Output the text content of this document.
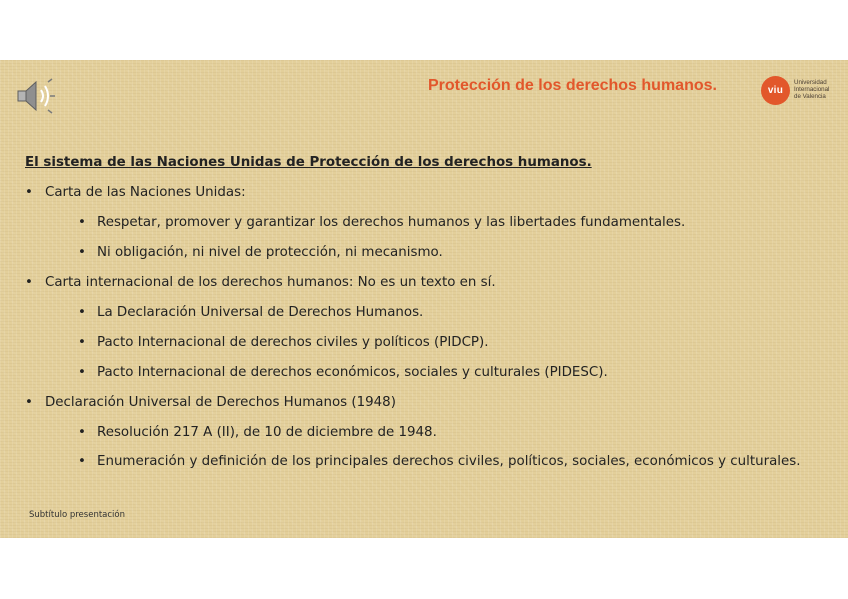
Protección de los derechos humanos.	viu
Universidad
Internacional
de Valencia
El sistema de las Naciones Unidas de Protección de los derechos humanos.
• Carta de las Naciones Unidas:
• Respetar, promover y garantizar los derechos humanos y las libertades fundamentales.
• Ni obligación, ni nivel de protección, ni mecanismo.
• Carta internacional de los derechos humanos: No es un texto en sí.
• La Declaración Universal de Derechos Humanos.
• Pacto Internacional de derechos civiles y políticos (PIDCP).
• Pacto Internacional de derechos económicos, sociales y culturales (PIDESC).
• Declaración Universal de Derechos Humanos (1948)
• Resolución 217 A (II), de 10 de diciembre de 1948.
• Enumeración y definición de los principales derechos civiles, políticos, sociales, económicos y culturales.
Subtítulo presentación
